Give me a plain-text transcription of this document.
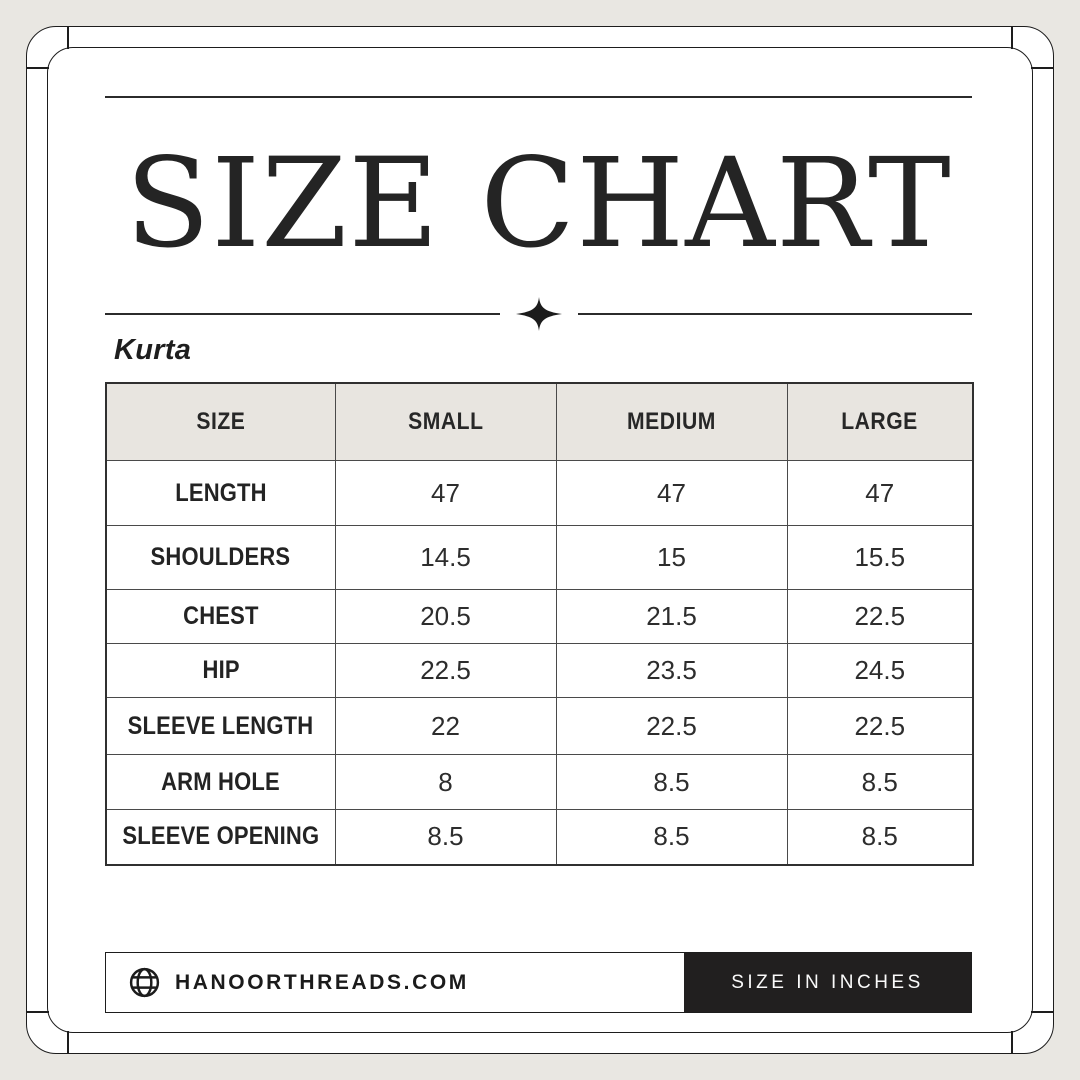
SIZE CHART
Kurta
SIZE	SMALL	MEDIUM	LARGE
LENGTH	47	47	47
SHOULDERS	14.5	15	15.5
CHEST	20.5	21.5	22.5
HIP	22.5	23.5	24.5
SLEEVE LENGTH	22	22.5	22.5
ARM HOLE	8	8.5	8.5
SLEEVE OPENING	8.5	8.5	8.5
HANOORTHREADS.COM	SIZE IN INCHES
